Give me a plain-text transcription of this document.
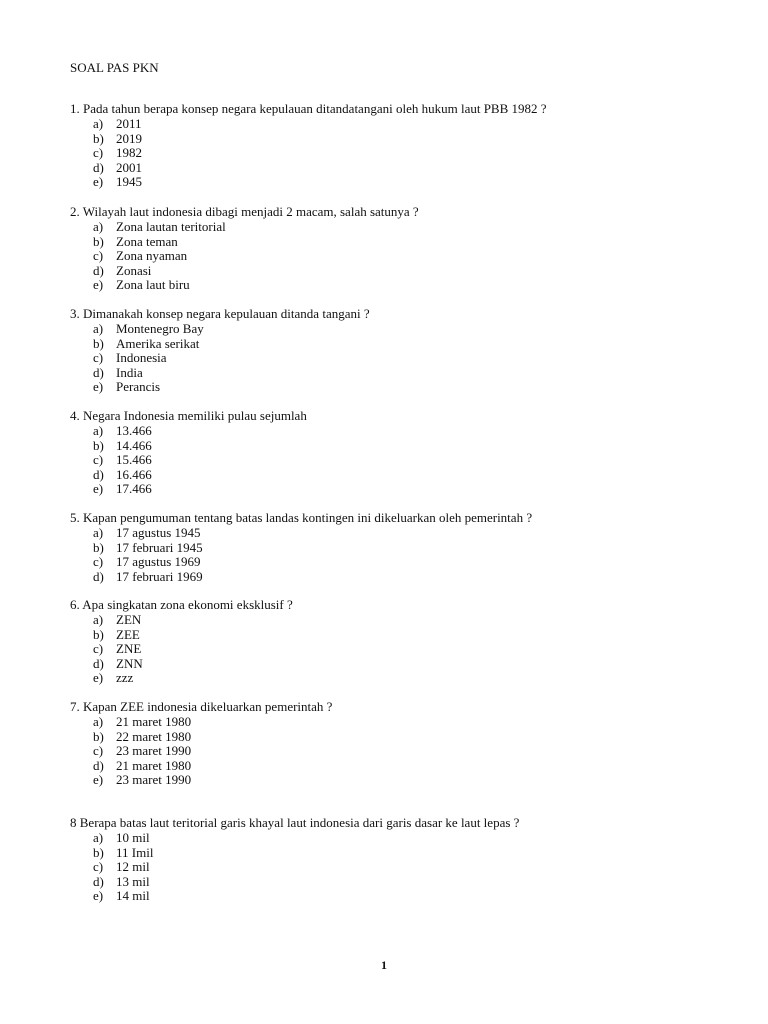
SOAL PAS PKN
1. Pada tahun berapa konsep negara kepulauan ditandatangani oleh hukum laut PBB 1982 ?
a) 2011
b) 2019
c) 1982
d) 2001
e) 1945
2. Wilayah laut indonesia dibagi menjadi 2 macam, salah satunya ?
a) Zona lautan teritorial
b) Zona teman
c) Zona nyaman
d) Zonasi
e) Zona laut biru
3. Dimanakah konsep negara kepulauan ditanda tangani ?
a) Montenegro Bay
b) Amerika serikat
c) Indonesia
d) India
e) Perancis
4. Negara Indonesia memiliki pulau sejumlah
a) 13.466
b) 14.466
c) 15.466
d) 16.466
e) 17.466
5. Kapan pengumuman tentang batas landas kontingen ini dikeluarkan oleh pemerintah ?
a) 17 agustus 1945
b) 17 februari 1945
c) 17 agustus 1969
d) 17 februari 1969
6. Apa singkatan zona ekonomi eksklusif ?
a) ZEN
b) ZEE
c) ZNE
d) ZNN
e) zzz
7. Kapan ZEE indonesia dikeluarkan pemerintah ?
a) 21 maret 1980
b) 22 maret 1980
c) 23 maret 1990
d) 21 maret 1980
e) 23 maret 1990
8 Berapa batas laut teritorial garis khayal laut indonesia dari garis dasar ke laut lepas ?
a) 10 mil
b) 11 Imil
c) 12 mil
d) 13 mil
e) 14 mil
1
